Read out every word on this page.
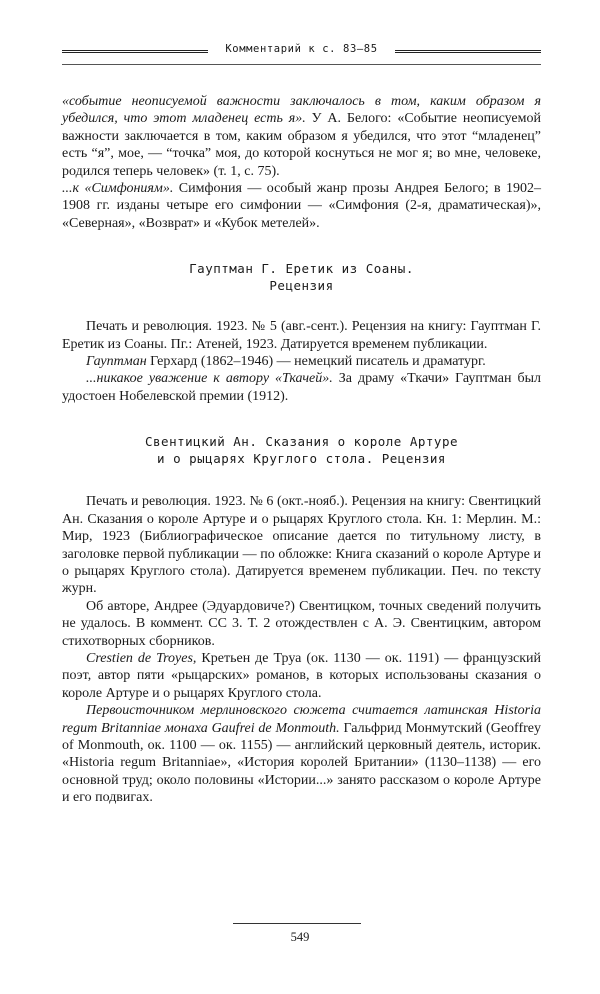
Комментарий к с. 83–85

«событие неописуемой важности заключалось в том, каким образом я убедился, что этот младенец есть я». У А. Белого: «Событие неописуемой важности заключается в том, каким образом я убедился, что этот “младенец” есть “я”, мое, — “точка” моя, до которой коснуться не мог я; во мне, человеке, родился теперь человек» (т. 1, с. 75).

...к «Симфониям». Симфония — особый жанр прозы Андрея Белого; в 1902–1908 гг. изданы четыре его симфонии — «Симфония (2-я, драматическая)», «Северная», «Возврат» и «Кубок метелей».

Гауптман Г. Еретик из Соаны.
Рецензия

Печать и революция. 1923. № 5 (авг.-сент.). Рецензия на книгу: Гауптман Г. Еретик из Соаны. Пг.: Атеней, 1923. Датируется временем публикации.

Гауптман Герхард (1862–1946) — немецкий писатель и драматург.

...никакое уважение к автору «Ткачей». За драму «Ткачи» Гауптман был удостоен Нобелевской премии (1912).

Свентицкий Ан. Сказания о короле Артуре
и о рыцарях Круглого стола. Рецензия

Печать и революция. 1923. № 6 (окт.-нояб.). Рецензия на книгу: Свентицкий Ан. Сказания о короле Артуре и о рыцарях Круглого стола. Кн. 1: Мерлин. М.: Мир, 1923 (Библиографическое описание дается по титульному листу, в заголовке первой публикации — по обложке: Книга сказаний о короле Артуре и о рыцарях Круглого стола). Датируется временем публикации. Печ. по тексту журн.

Об авторе, Андрее (Эдуардовиче?) Свентицком, точных сведений получить не удалось. В коммент. СС 3. Т. 2 отождествлен с А. Э. Свентицким, автором стихотворных сборников.

Crestien de Troyes, Кретьен де Труа (ок. 1130 — ок. 1191) — французский поэт, автор пяти «рыцарских» романов, в которых использованы сказания о короле Артуре и о рыцарях Круглого стола.

Первоисточником мерлиновского сюжета считается латинская Historia regum Britanniae монаха Gaufrei de Monmouth. Гальфрид Монмутский (Geoffrey of Monmouth, ок. 1100 — ок. 1155) — английский церковный деятель, историк. «Historia regum Britanniae», «История королей Британии» (1130–1138) — его основной труд; около половины «Истории...» занято рассказом о короле Артуре и его подвигах.

549
